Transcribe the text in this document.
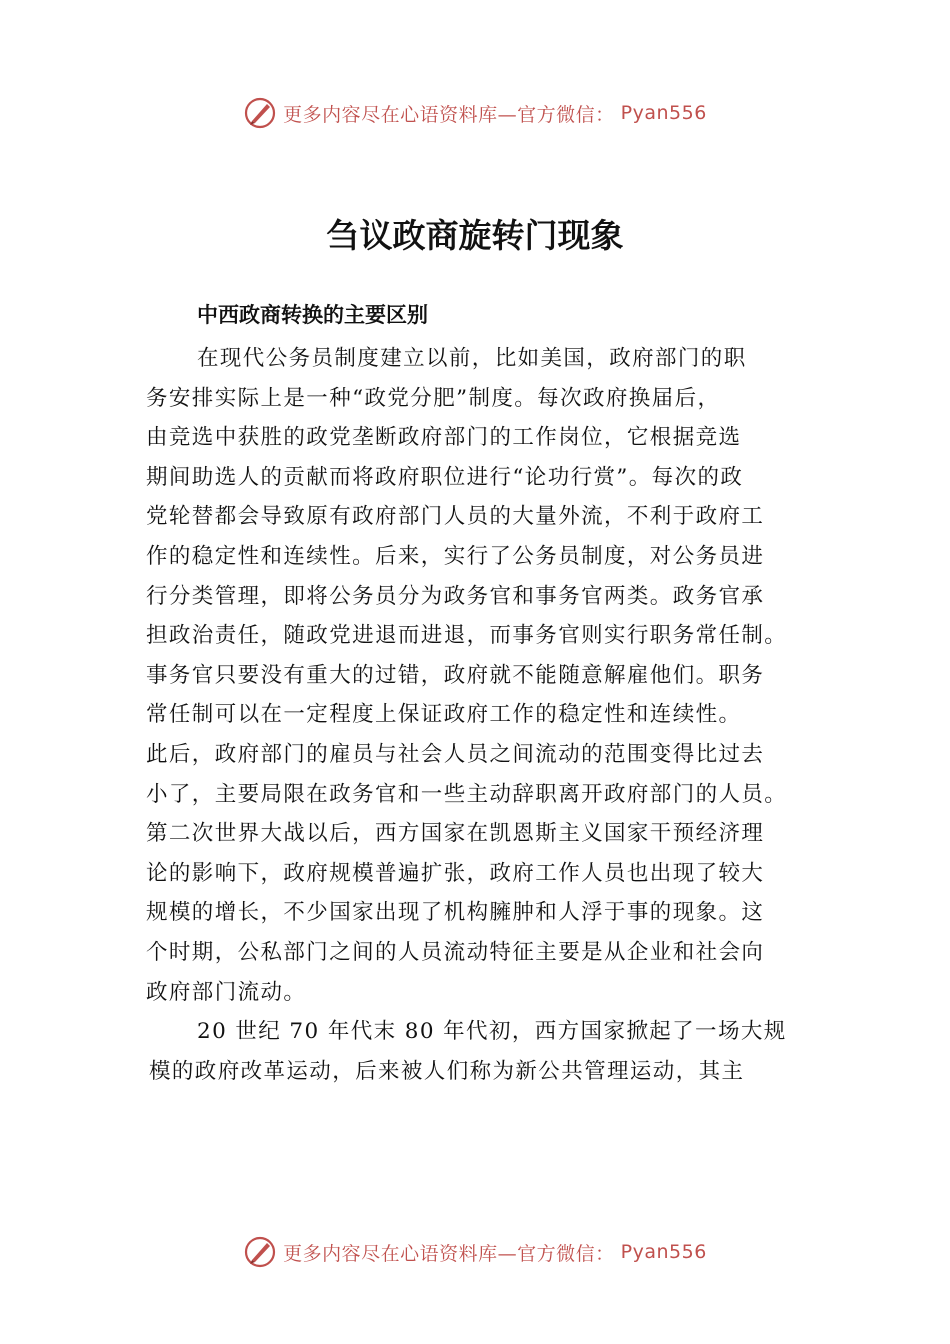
更多内容尽在心语资料库—官方微信： Pyan556
刍议政商旋转门现象
中西政商转换的主要区别
在现代公务员制度建立以前，比如美国，政府部门的职
务安排实际上是一种“政党分肥”制度。每次政府换届后，
由竞选中获胜的政党垄断政府部门的工作岗位，它根据竞选
期间助选人的贡献而将政府职位进行“论功行赏”。每次的政
党轮替都会导致原有政府部门人员的大量外流，不利于政府工
作的稳定性和连续性。后来，实行了公务员制度，对公务员进
行分类管理，即将公务员分为政务官和事务官两类。政务官承
担政治责任，随政党进退而进退，而事务官则实行职务常任制。
事务官只要没有重大的过错，政府就不能随意解雇他们。职务
常任制可以在一定程度上保证政府工作的稳定性和连续性。
此后，政府部门的雇员与社会人员之间流动的范围变得比过去
小了，主要局限在政务官和一些主动辞职离开政府部门的人员。
第二次世界大战以后，西方国家在凯恩斯主义国家干预经济理
论的影响下，政府规模普遍扩张，政府工作人员也出现了较大
规模的增长，不少国家出现了机构臃肿和人浮于事的现象。这
个时期，公私部门之间的人员流动特征主要是从企业和社会向
政府部门流动。
20 世纪 70 年代末 80 年代初，西方国家掀起了一场大规
模的政府改革运动，后来被人们称为新公共管理运动，其主
更多内容尽在心语资料库—官方微信： Pyan556
